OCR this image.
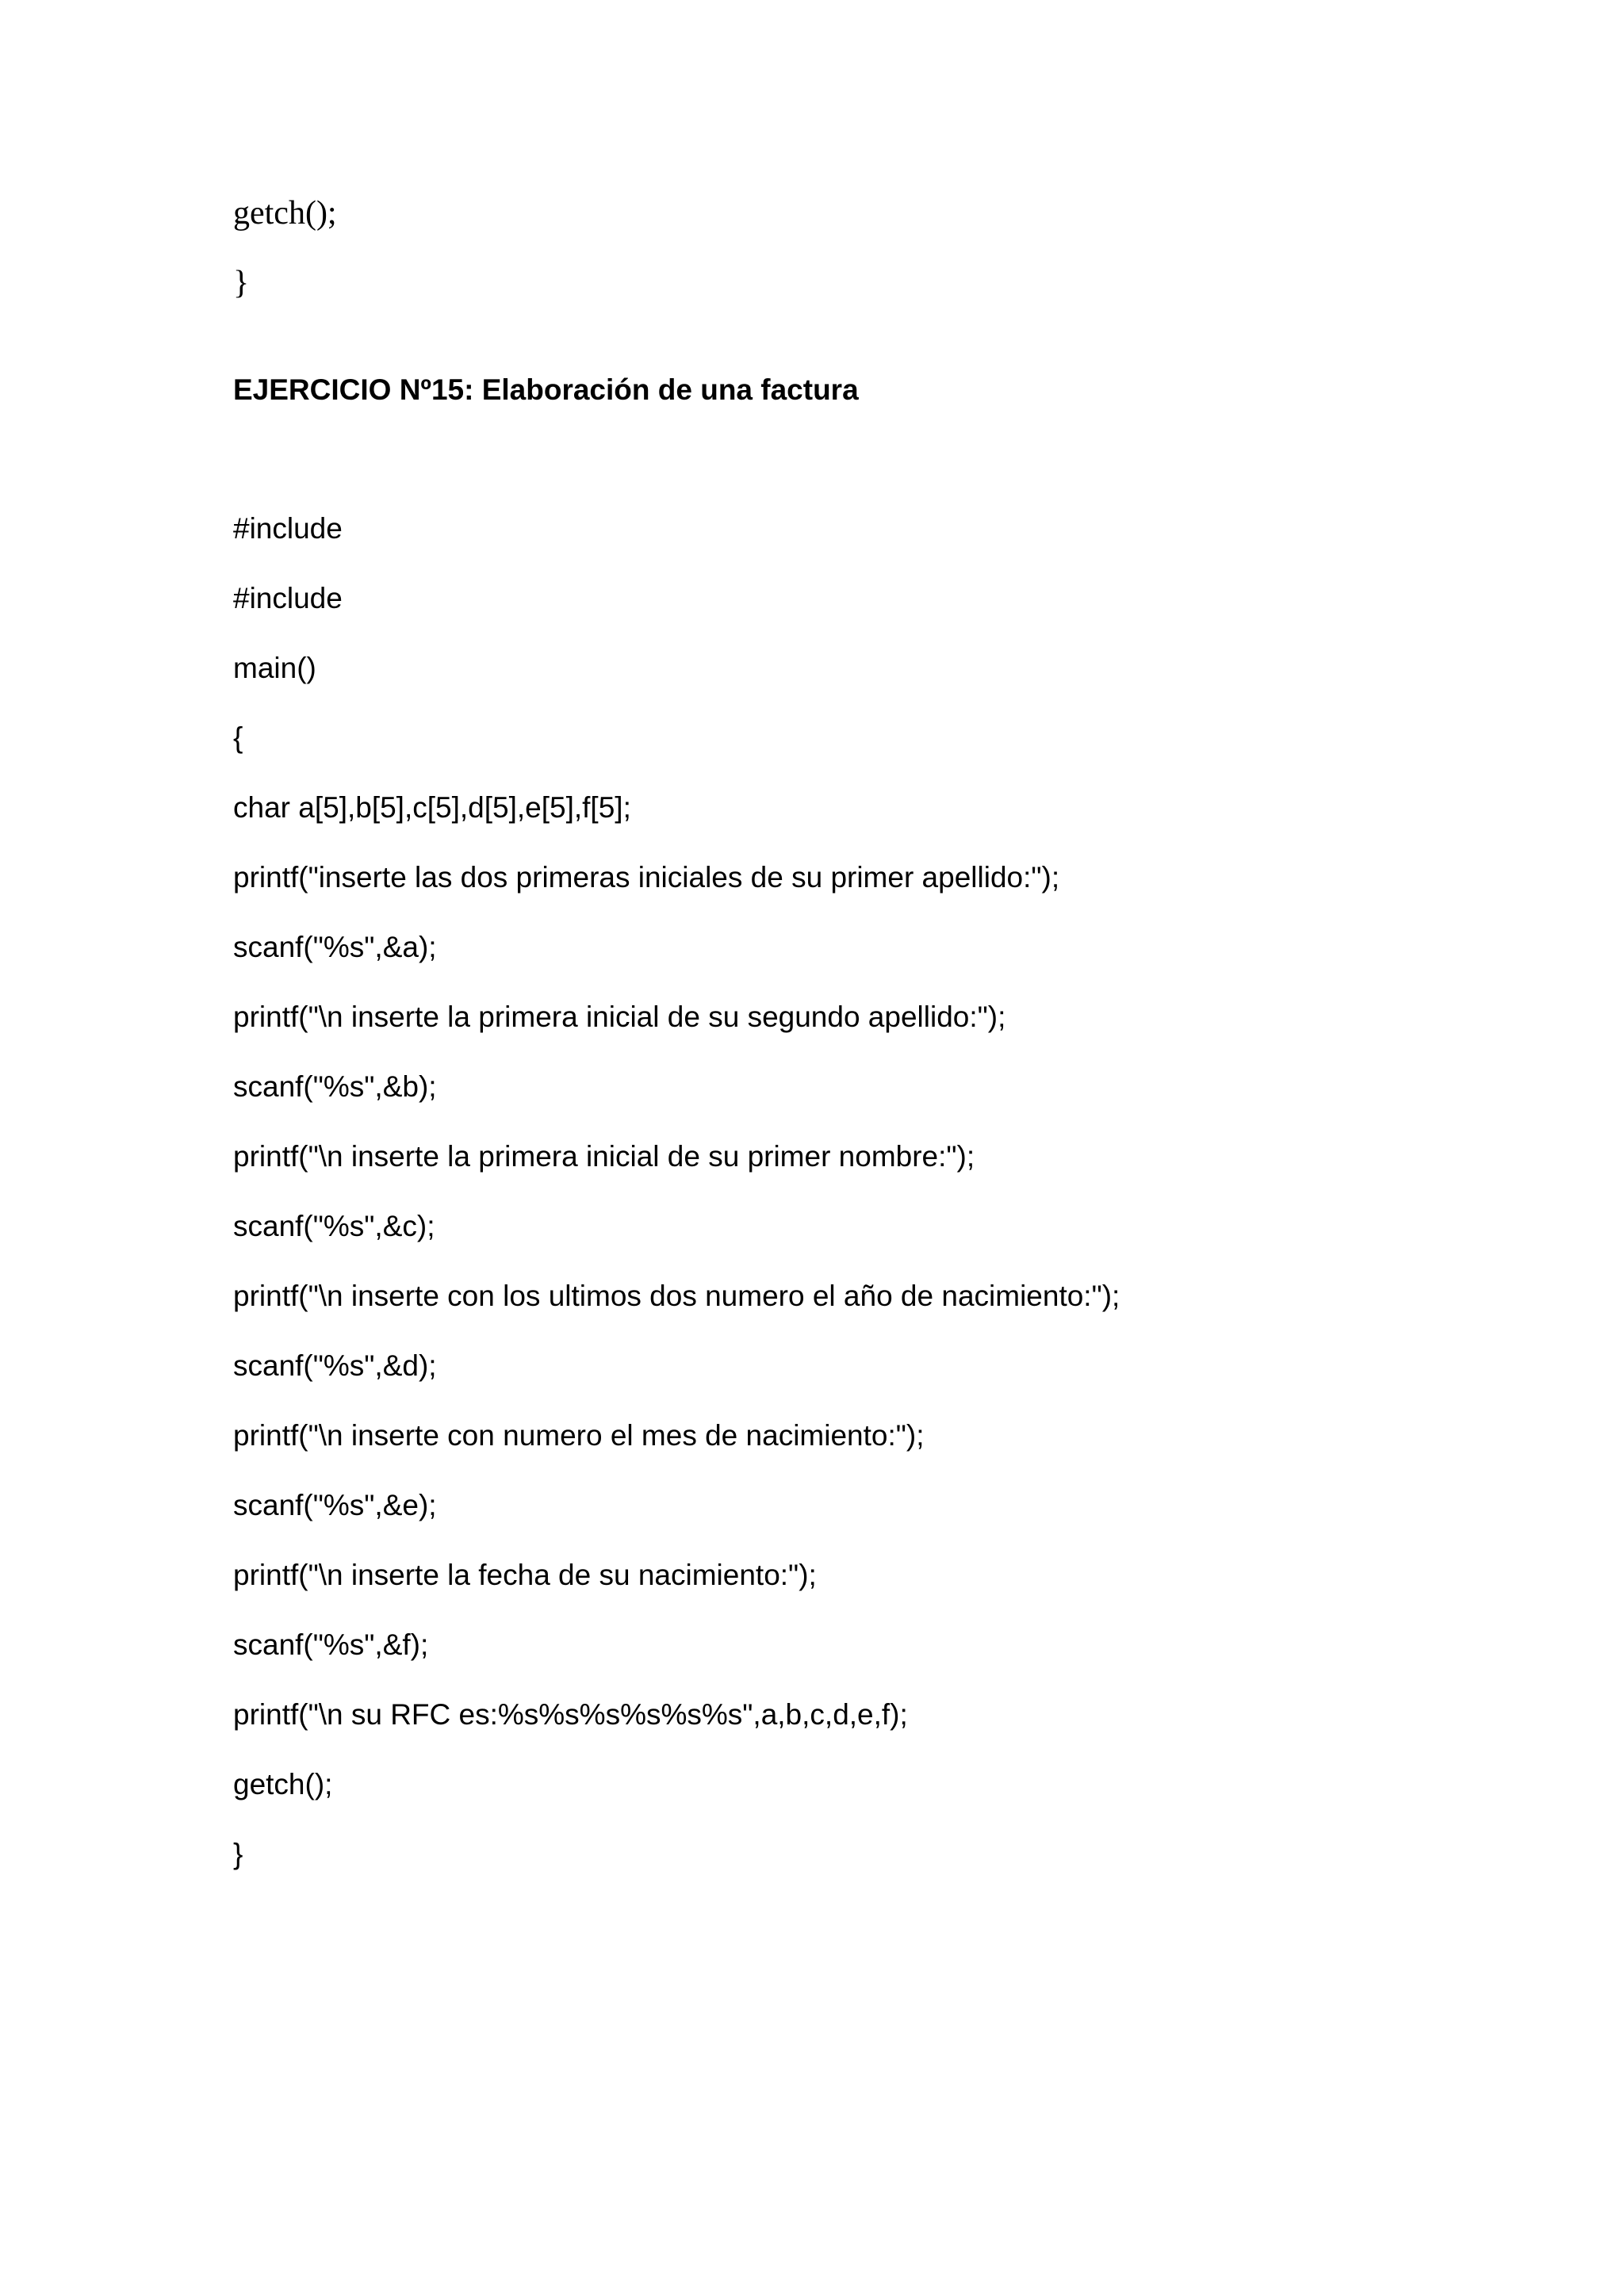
getch();
}
EJERCICIO Nº15: Elaboración de una factura
#include
#include
main()
{
char a[5],b[5],c[5],d[5],e[5],f[5];
printf("inserte las dos primeras iniciales de su primer apellido:");
scanf("%s",&a);
printf("\n inserte la primera inicial de su segundo apellido:");
scanf("%s",&b);
printf("\n inserte la primera inicial de su primer nombre:");
scanf("%s",&c);
printf("\n inserte con los ultimos dos numero el año de nacimiento:");
scanf("%s",&d);
printf("\n inserte con numero el mes de nacimiento:");
scanf("%s",&e);
printf("\n inserte la fecha de su nacimiento:");
scanf("%s",&f);
printf("\n su RFC es:%s%s%s%s%s%s",a,b,c,d,e,f);
getch();
}
